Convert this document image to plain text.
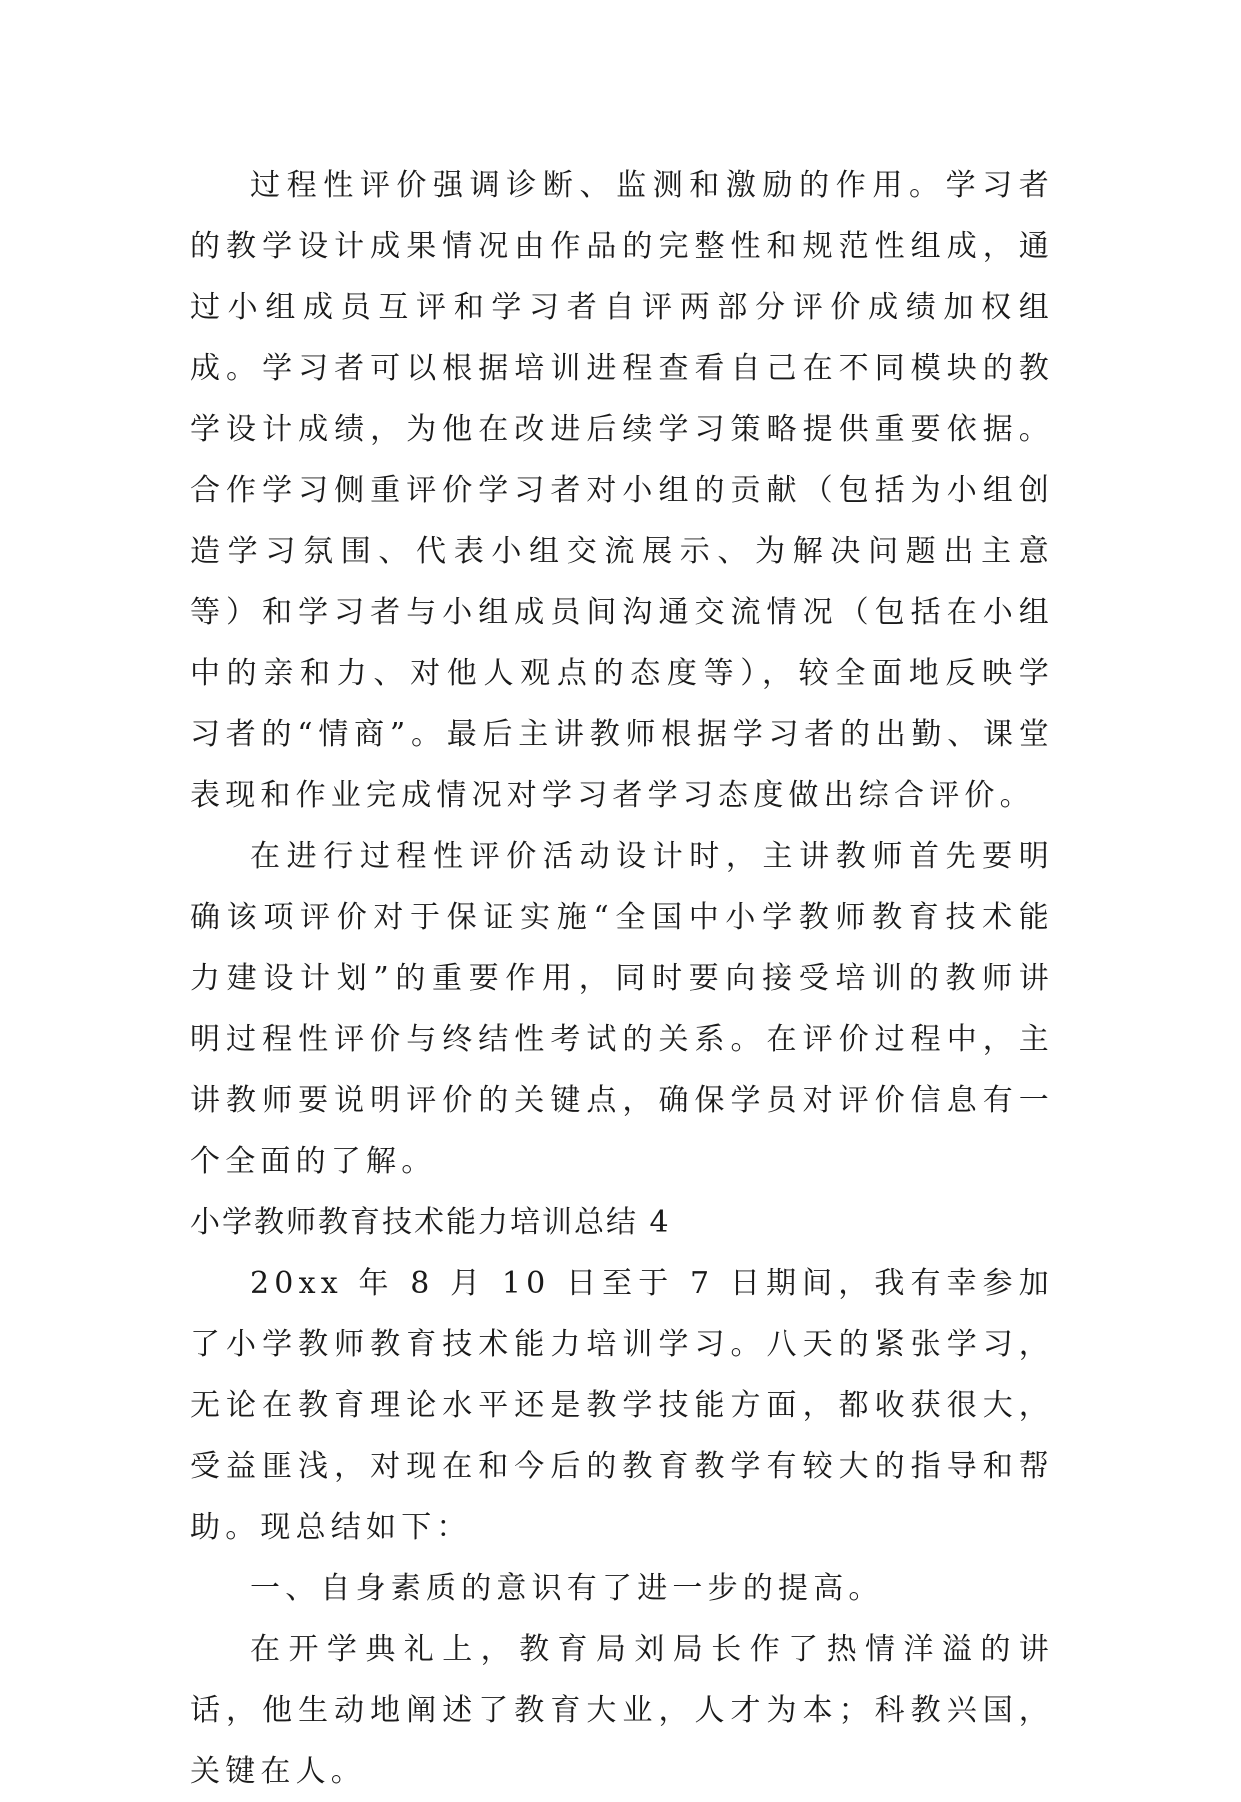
过程性评价强调诊断、监测和激励的作用。学习者的教学设计成果情况由作品的完整性和规范性组成，通过小组成员互评和学习者自评两部分评价成绩加权组成。学习者可以根据培训进程查看自己在不同模块的教学设计成绩，为他在改进后续学习策略提供重要依据。合作学习侧重评价学习者对小组的贡献（包括为小组创造学习氛围、代表小组交流展示、为解决问题出主意等）和学习者与小组成员间沟通交流情况（包括在小组中的亲和力、对他人观点的态度等），较全面地反映学习者的“情商”。最后主讲教师根据学习者的出勤、课堂表现和作业完成情况对学习者学习态度做出综合评价。

在进行过程性评价活动设计时，主讲教师首先要明确该项评价对于保证实施“全国中小学教师教育技术能力建设计划”的重要作用，同时要向接受培训的教师讲明过程性评价与终结性考试的关系。在评价过程中，主讲教师要说明评价的关键点，确保学员对评价信息有一个全面的了解。

小学教师教育技术能力培训总结 4

20xx 年 8 月 10 日至于 7 日期间，我有幸参加了小学教师教育技术能力培训学习。八天的紧张学习，无论在教育理论水平还是教学技能方面，都收获很大，受益匪浅，对现在和今后的教育教学有较大的指导和帮助。现总结如下：

一、自身素质的意识有了进一步的提高。

在开学典礼上，教育局刘局长作了热情洋溢的讲话，他生动地阐述了教育大业，人才为本；科教兴国，关键在人。
